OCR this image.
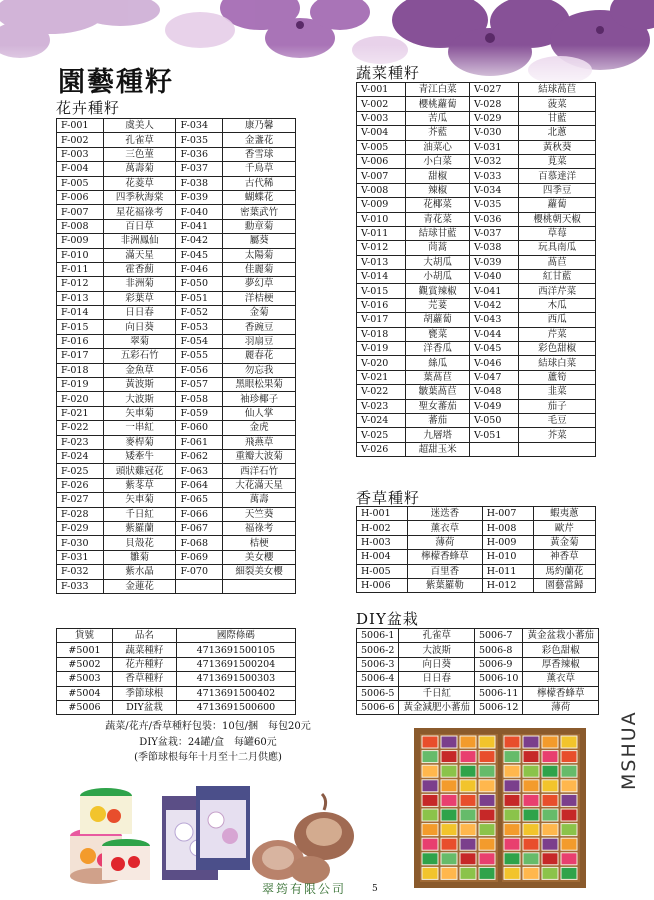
園藝種籽
花卉種籽
F-001	虞美人	F-034	康乃馨
F-002	孔雀草	F-035	金盞花
F-003	三色菫	F-036	香雪球
F-004	萬壽菊	F-037	千鳥草
F-005	花菱草	F-038	古代稀
F-006	四季秋海棠	F-039	蝴蝶花
F-007	星花福祿考	F-040	密葉武竹
F-008	百日草	F-041	勳章菊
F-009	非洲鳳仙	F-042	屬葵
F-010	滿天星	F-045	太陽菊
F-011	霍香薊	F-046	佳麗菊
F-012	非洲菊	F-050	夢幻草
F-013	彩葉草	F-051	洋桔梗
F-014	日日春	F-052	金菊
F-015	向日葵	F-053	香豌豆
F-016	翠菊	F-054	羽扇豆
F-017	五彩石竹	F-055	麗春花
F-018	金魚草	F-056	勿忘我
F-019	黃波斯	F-057	黑眼松果菊
F-020	大波斯	F-058	袖珍椰子
F-021	矢車菊	F-059	仙人掌
F-022	一串紅	F-060	金虎
F-023	麥桿菊	F-061	飛燕草
F-024	矮牽牛	F-062	重瓣大波菊
F-025	頭狀雞冠花	F-063	西洋石竹
F-026	紫苳草	F-064	大花滿天星
F-027	矢車菊	F-065	萬壽
F-028	千日紅	F-066	天竺葵
F-029	紫羅蘭	F-067	福祿考
F-030	貝殼花	F-068	桔梗
F-031	雛菊	F-069	美女櫻
F-032	紫水晶	F-070	細裂美女櫻
F-033	金蓮花		
蔬菜種籽
V-001	青江白菜	V-027	結球萵苣
V-002	櫻桃蘿蔔	V-028	菠菜
V-003	苦瓜	V-029	甘藍
V-004	芥藍	V-030	北蔥
V-005	油菜心	V-031	黃秋葵
V-006	小白菜	V-032	莧菜
V-007	甜椒	V-033	百慕達洋
V-008	辣椒	V-034	四季豆
V-009	花椰菜	V-035	蘿蔔
V-010	青花菜	V-036	櫻桃朝天椒
V-011	結球甘藍	V-037	草莓
V-012	茼蒿	V-038	玩具南瓜
V-013	大胡瓜	V-039	萵苣
V-014	小胡瓜	V-040	紅甘藍
V-015	觀賞辣椒	V-041	西洋芹菜
V-016	芫荽	V-042	木瓜
V-017	胡蘿蔔	V-043	西瓜
V-018	甕菜	V-044	芹菜
V-019	洋香瓜	V-045	彩色甜椒
V-020	絲瓜	V-046	結球白菜
V-021	葉萵苣	V-047	蘆筍
V-022	皺葉萵苣	V-048	韭菜
V-023	聖女蕃茄	V-049	茄子
V-024	蕃茄	V-050	毛豆
V-025	九層塔	V-051	芥菜
V-026	超甜玉米		
香草種籽
H-001	迷迭香	H-007	蝦夷蔥
H-002	薰衣草	H-008	歐芹
H-003	薄荷	H-009	黃金菊
H-004	檸檬香蜂草	H-010	神香草
H-005	百里香	H-011	馬約蘭花
H-006	紫葉羅勒	H-012	園藝當歸
DIY盆栽
5006-1	孔雀草	5006-7	黃金盆栽小蕃茄
5006-2	大波斯	5006-8	彩色甜椒
5006-3	向日葵	5006-9	厚香辣椒
5006-4	日日春	5006-10	薰衣草
5006-5	千日紅	5006-11	檸檬香蜂草
5006-6	黃金減肥小蕃茄	5006-12	薄荷
貨號	品名	國際條碼
#5001	蔬菜種籽	4713691500105
#5002	花卉種籽	4713691500204
#5003	香草種籽	4713691500303
#5004	季節球根	4713691500402
#5006	DIY盆栽	4713691500600
蔬菜/花卉/香草種籽包裝：10包/捆　每包20元
DIY盆栽：24罐/盒　每罐60元
(季節球根每年十月至十二月供應)
翠筠有限公司	5
MSHUA
